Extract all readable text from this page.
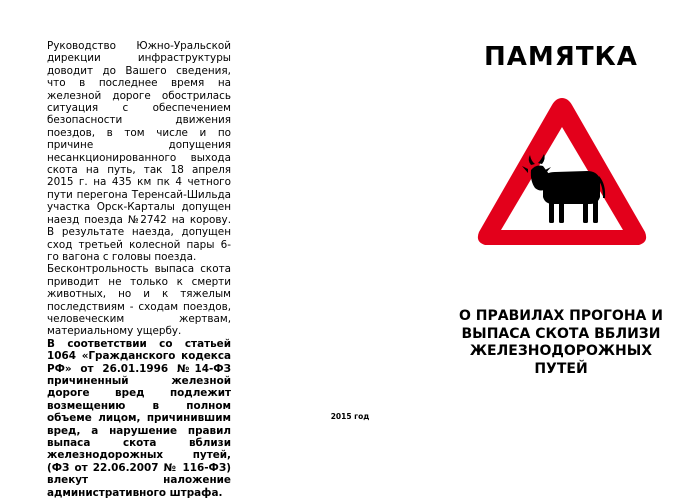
Руководство Южно-Уральской дирекции инфраструктуры доводит до Вашего сведения, что в последнее время на железной дороге обострилась ситуация с обеспечением безопасности движения поездов, в том числе и по причине допущения несанкционированного выхода скота на путь, так 18 апреля 2015 г. на 435 км пк 4 четного пути перегона Теренсай-Шильда участка Орск-Карталы допущен наезд поезда №2742 на корову. В результате наезда, допущен сход третьей колесной пары 6-го вагона с головы поезда.

Бесконтрольность выпаса скота приводит не только к смерти животных, но и к тяжелым последствиям - сходам поездов, человеческим жертвам, материальному ущербу.

В соответствии со статьей 1064 «Гражданского кодекса РФ» от 26.01.1996 №14-ФЗ причиненный железной дороге вред подлежит возмещению в полном объеме лицом, причинившим вред, а нарушение правил выпаса скота вблизи железнодорожных путей, (ФЗ от 22.06.2007 № 116-ФЗ) влекут наложение административного штрафа.

2015 год
ПАМЯТКА
О ПРАВИЛАХ ПРОГОНА И ВЫПАСА СКОТА ВБЛИЗИ ЖЕЛЕЗНОДОРОЖНЫХ ПУТЕЙ
